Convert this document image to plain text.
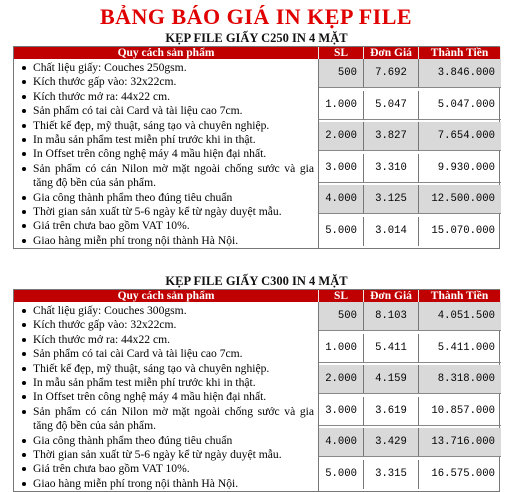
BẢNG BÁO GIÁ IN KẸP FILE
KẸP FILE GIẤY C250 IN 4 MẶT
Quy cách sản phẩm	SL	Đơn Giá	Thành Tiền
Chất liệu giấy: Couches 250gsm.
Kích thước gấp vào: 32x22cm.
Kích thước mở ra: 44x22 cm.
Sản phẩm có tai cài Card và tài liệu cao 7cm.
Thiết kế đẹp, mỹ thuật, sáng tạo và chuyên nghiệp.
In mẫu sản phẩm test miễn phí trước khi in thật.
In Offset trên công nghệ máy 4 mầu hiện đại nhất.
Sản phẩm có cán Nilon mờ mặt ngoài chống sước và gia tăng độ bền của sản phẩm.
Gia công thành phẩm theo đúng tiêu chuẩn
Thời gian sản xuất từ 5-6 ngày kể từ ngày duyệt mẫu.
Giá trên chưa bao gồm VAT 10%.
Giao hàng miễn phí trong nội thành Hà Nội.
500	7.692	3.846.000
1.000	5.047	5.047.000
2.000	3.827	7.654.000
3.000	3.310	9.930.000
4.000	3.125	12.500.000
5.000	3.014	15.070.000
KẸP FILE GIẤY C300 IN 4 MẶT
Quy cách sản phẩm	SL	Đơn Giá	Thành Tiền
Chất liệu giấy: Couches 300gsm.
Kích thước gấp vào: 32x22cm.
Kích thước mở ra: 44x22 cm.
Sản phẩm có tai cài Card và tài liệu cao 7cm.
Thiết kế đẹp, mỹ thuật, sáng tạo và chuyên nghiệp.
In mẫu sản phẩm test miễn phí trước khi in thật.
In Offset trên công nghệ máy 4 mầu hiện đại nhất.
Sản phẩm có cán Nilon mờ mặt ngoài chống sước và gia tăng độ bền của sản phẩm.
Gia công thành phẩm theo đúng tiêu chuẩn
Thời gian sản xuất từ 5-6 ngày kể từ ngày duyệt mẫu.
Giá trên chưa bao gồm VAT 10%.
Giao hàng miễn phí trong nội thành Hà Nội.
500	8.103	4.051.500
1.000	5.411	5.411.000
2.000	4.159	8.318.000
3.000	3.619	10.857.000
4.000	3.429	13.716.000
5.000	3.315	16.575.000
